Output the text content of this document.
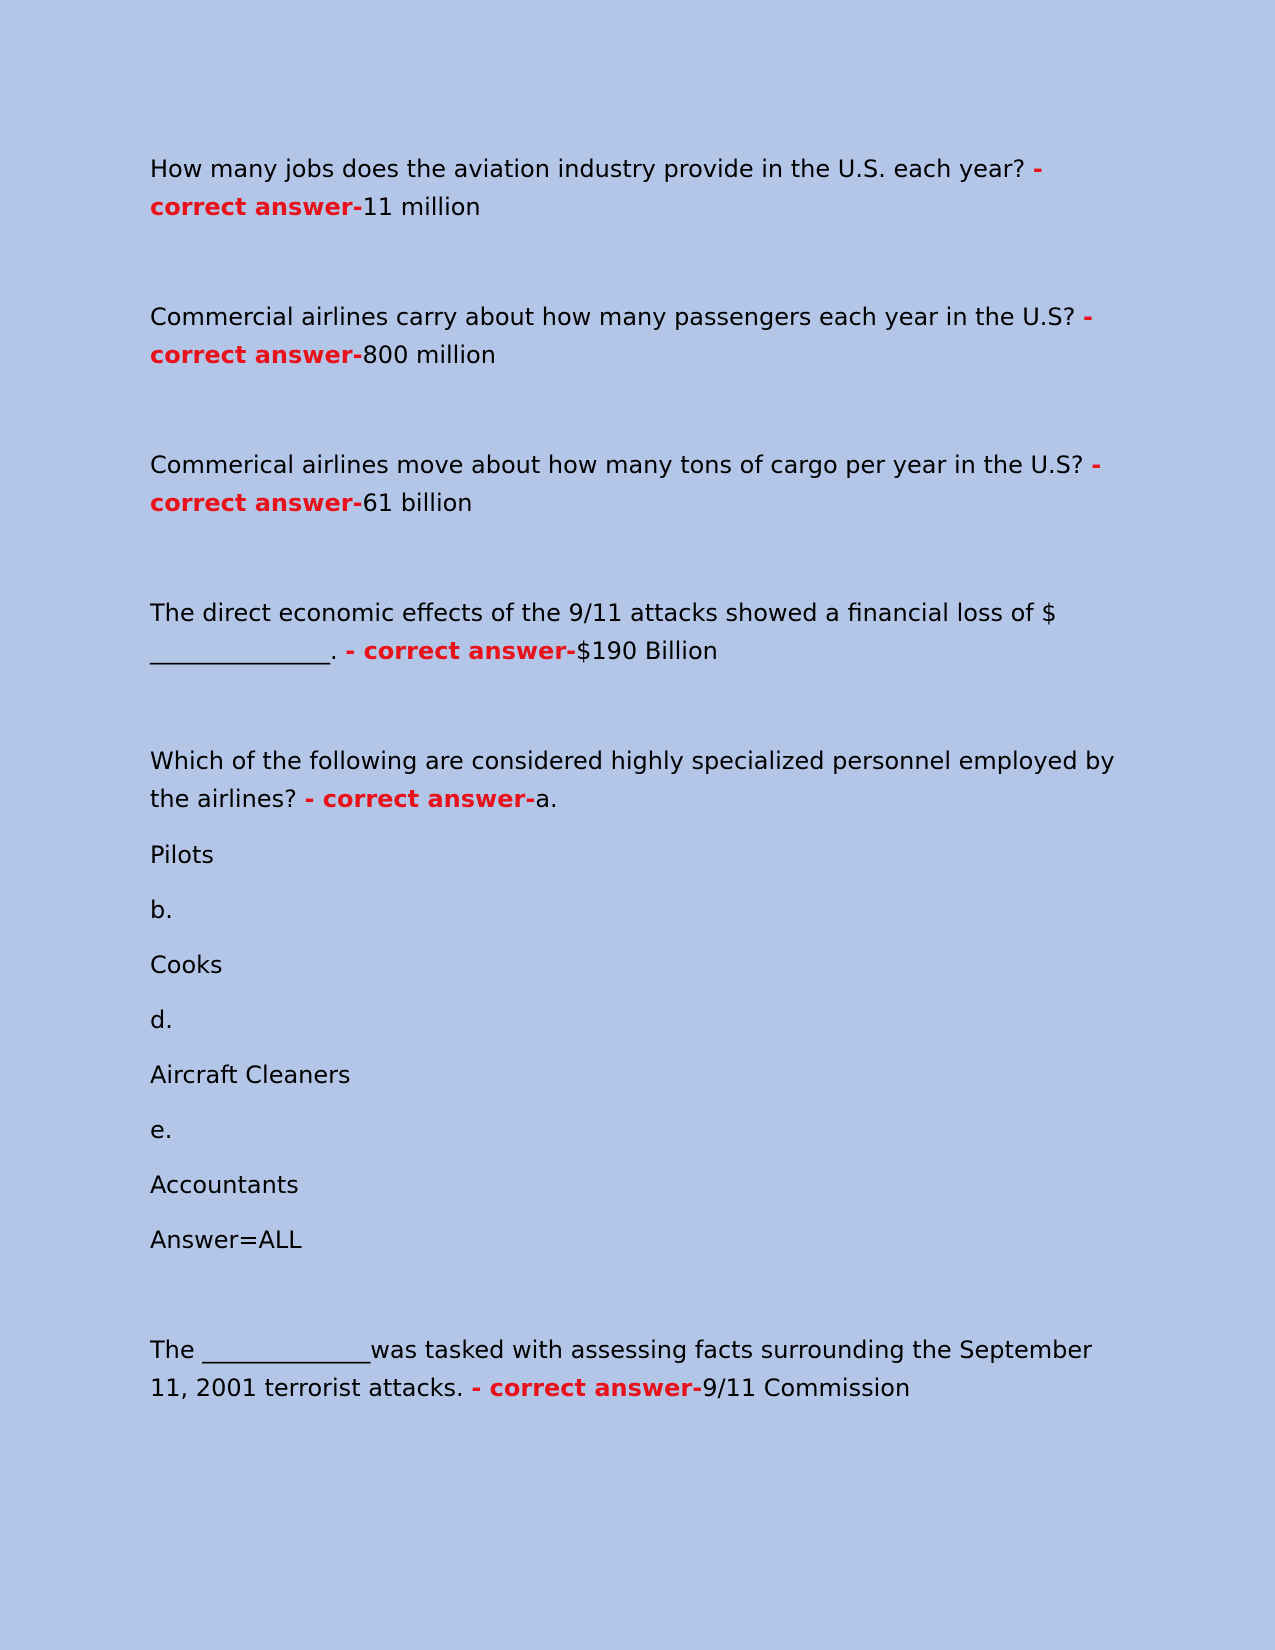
How many jobs does the aviation industry provide in the U.S. each year? - correct answer-11 million

Commercial airlines carry about how many passengers each year in the U.S? - correct answer-800 million

Commerical airlines move about how many tons of cargo per year in the U.S? - correct answer-61 billion

The direct economic effects of the 9/11 attacks showed a financial loss of $ _______________. - correct answer-$190 Billion

Which of the following are considered highly specialized personnel employed by the airlines? - correct answer-a.

Pilots

b.

Cooks

d.

Aircraft Cleaners

e.

Accountants

Answer=ALL

The ______________was tasked with assessing facts surrounding the September 11, 2001 terrorist attacks. - correct answer-9/11 Commission
